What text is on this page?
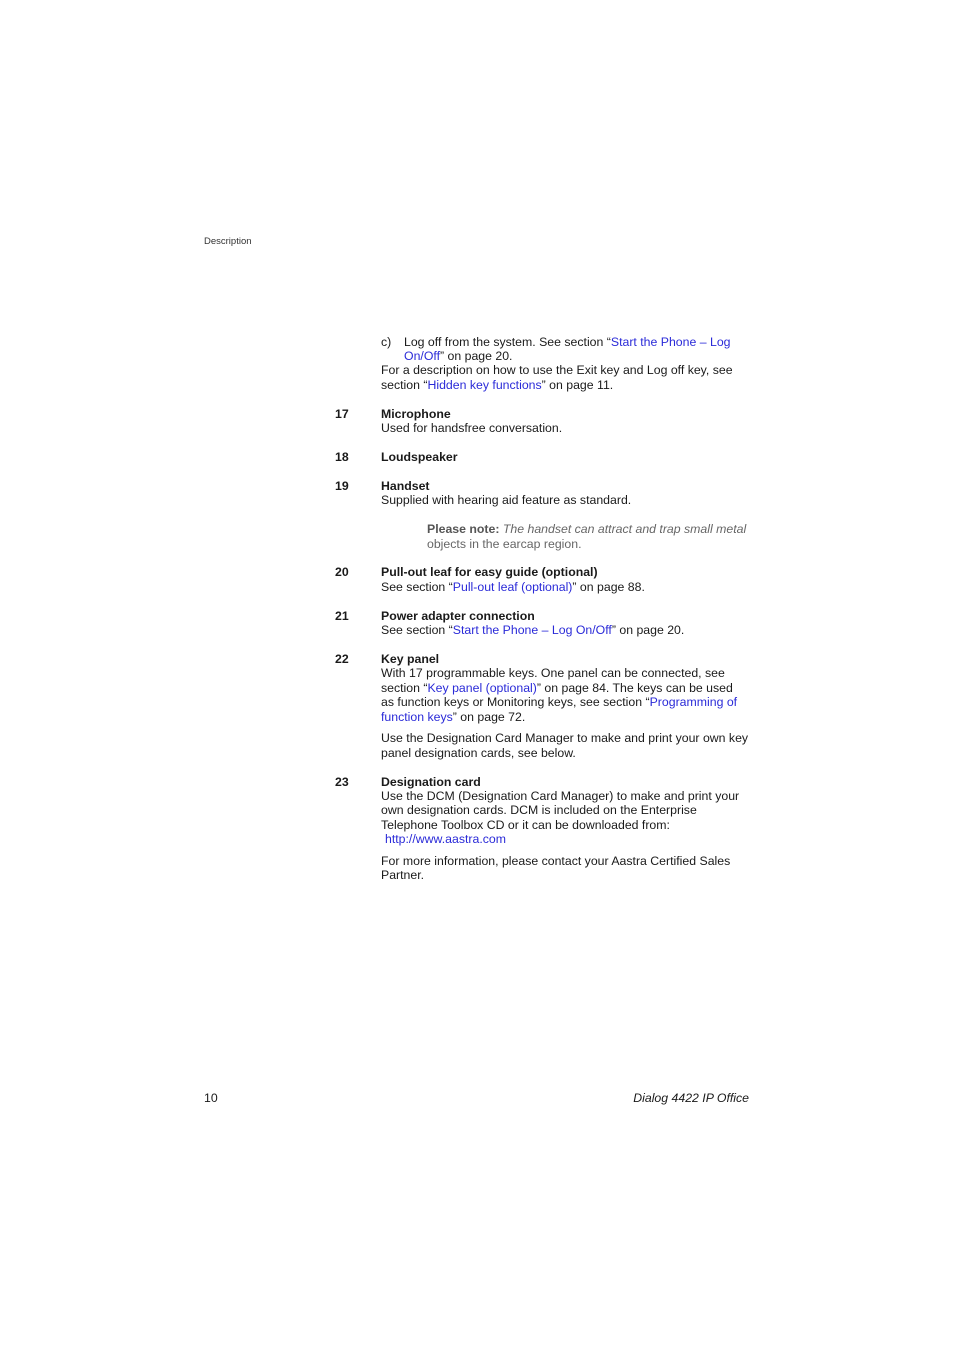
Description
c) Log off from the system. See section “Start the Phone – Log
On/Off” on page 20.
For a description on how to use the Exit key and Log off key, see
section “Hidden key functions” on page 11.
17	Microphone
Used for handsfree conversation.
18	Loudspeaker
19	Handset
Supplied with hearing aid feature as standard.
Please note: The handset can attract and trap small metal
objects in the earcap region.
20	Pull-out leaf for easy guide (optional)
See section “Pull-out leaf (optional)” on page 88.
21	Power adapter connection
See section “Start the Phone – Log On/Off” on page 20.
22	Key panel
With 17 programmable keys. One panel can be connected, see
section “Key panel (optional)” on page 84. The keys can be used
as function keys or Monitoring keys, see section “Programming of
function keys” on page 72.
Use the Designation Card Manager to make and print your own key
panel designation cards, see below.
23	Designation card
Use the DCM (Designation Card Manager) to make and print your
own designation cards. DCM is included on the Enterprise
Telephone Toolbox CD or it can be downloaded from:
http://www.aastra.com
For more information, please contact your Aastra Certified Sales
Partner.
10	Dialog 4422 IP Office
